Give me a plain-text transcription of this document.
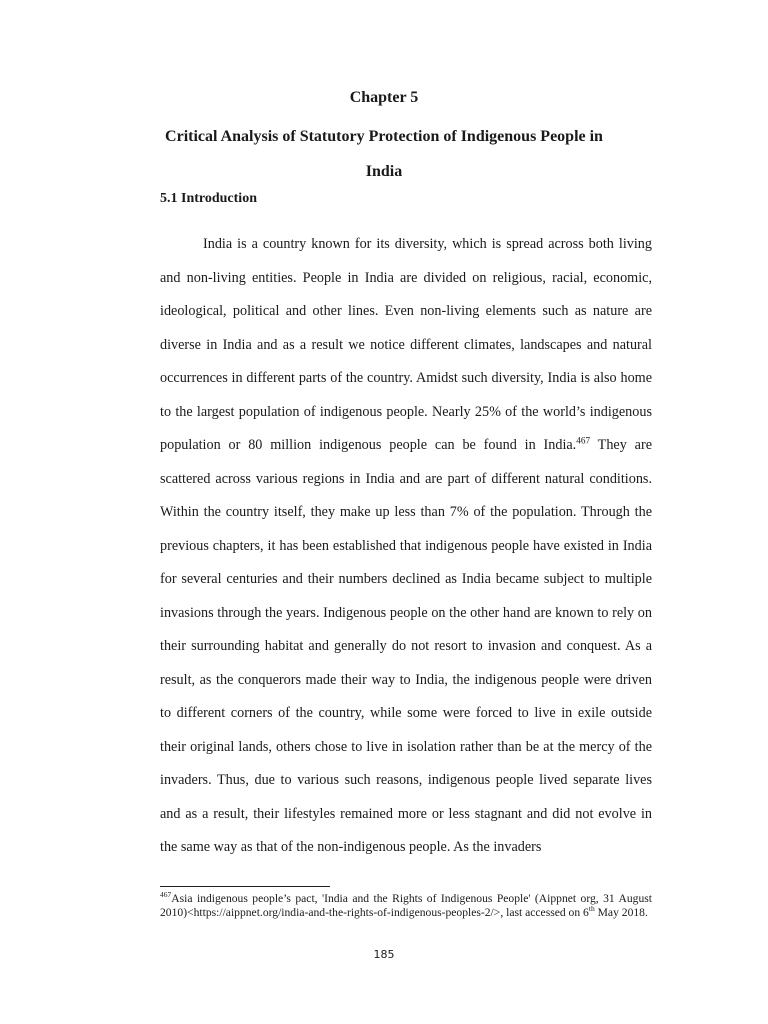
Chapter 5
Critical Analysis of Statutory Protection of Indigenous People in India
5.1 Introduction

India is a country known for its diversity, which is spread across both living and non-living entities. People in India are divided on religious, racial, economic, ideological, political and other lines. Even non-living elements such as nature are diverse in India and as a result we notice different climates, landscapes and natural occurrences in different parts of the country. Amidst such diversity, India is also home to the largest population of indigenous people. Nearly 25% of the world’s indigenous population or 80 million indigenous people can be found in India.$^{467}$ They are scattered across various regions in India and are part of different natural conditions. Within the country itself, they make up less than 7% of the population. Through the previous chapters, it has been established that indigenous people have existed in India for several centuries and their numbers declined as India became subject to multiple invasions through the years. Indigenous people on the other hand are known to rely on their surrounding habitat and generally do not resort to invasion and conquest. As a result, as the conquerors made their way to India, the indigenous people were driven to different corners of the country, while some were forced to live in exile outside their original lands, others chose to live in isolation rather than be at the mercy of the invaders. Thus, due to various such reasons, indigenous people lived separate lives and as a result, their lifestyles remained more or less stagnant and did not evolve in the same way as that of the non-indigenous people. As the invaders

$^{467}$Asia indigenous people’s pact, 'India and the Rights of Indigenous People' (Aippnet org, 31 August 2010)<https://aippnet.org/india-and-the-rights-of-indigenous-peoples-2/>, last accessed on 6th May 2018.

185
